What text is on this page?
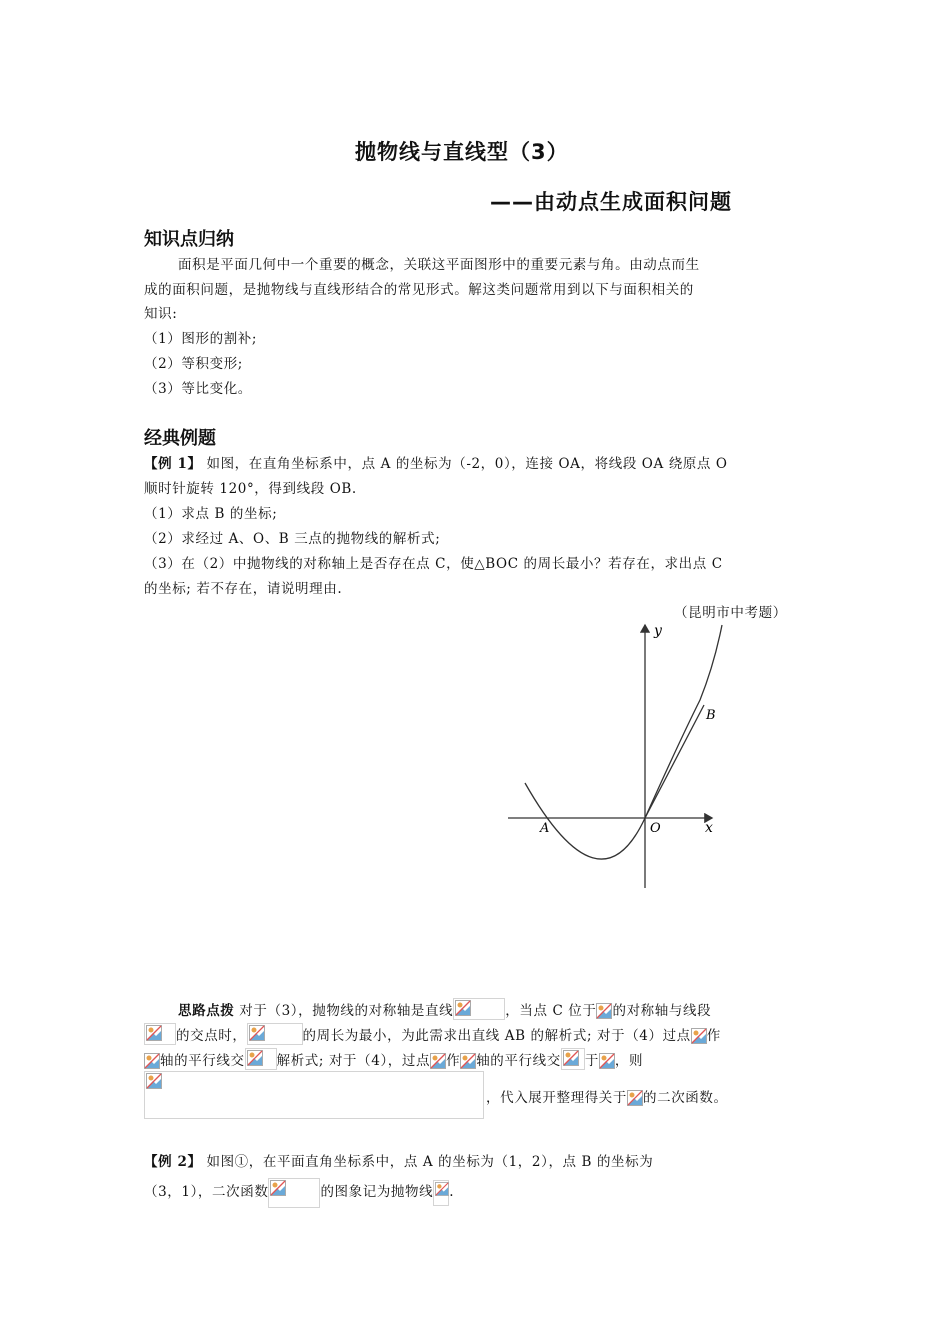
抛物线与直线型（3）
——由动点生成面积问题
知识点归纳
面积是平面几何中一个重要的概念，关联这平面图形中的重要元素与角。由动点而生
成的面积问题，是抛物线与直线形结合的常见形式。解这类问题常用到以下与面积相关的
知识:
（1）图形的割补;
（2）等积变形;
（3）等比变化。
经典例题
【例 1】 如图，在直角坐标系中，点 A 的坐标为（-2，0），连接 OA，将线段 OA 绕原点 O
顺时针旋转 120°，得到线段 OB.
（1）求点 B 的坐标;
（2）求经过 A、O、B 三点的抛物线的解析式;
（3）在（2）中抛物线的对称轴上是否存在点 C，使△BOC 的周长最小？若存在，求出点 C
的坐标; 若不存在，请说明理由.
（昆明市中考题）
y
x
A	O
B
思路点拨 对于（3），抛物线的对称轴是直线	，当点 C 位于 的对称轴与线段
的交点时，	的周长为最小，为此需求出直线 AB 的解析式; 对于（4）过点 作
轴的平行线交 解析式; 对于（4），过点 作 轴的平行线交 于 ，则
，代入展开整理得关于 的二次函数。
【例 2】 如图①，在平面直角坐标系中，点 A 的坐标为（1，2），点 B 的坐标为
（3，1），二次函数	的图象记为抛物线 .
